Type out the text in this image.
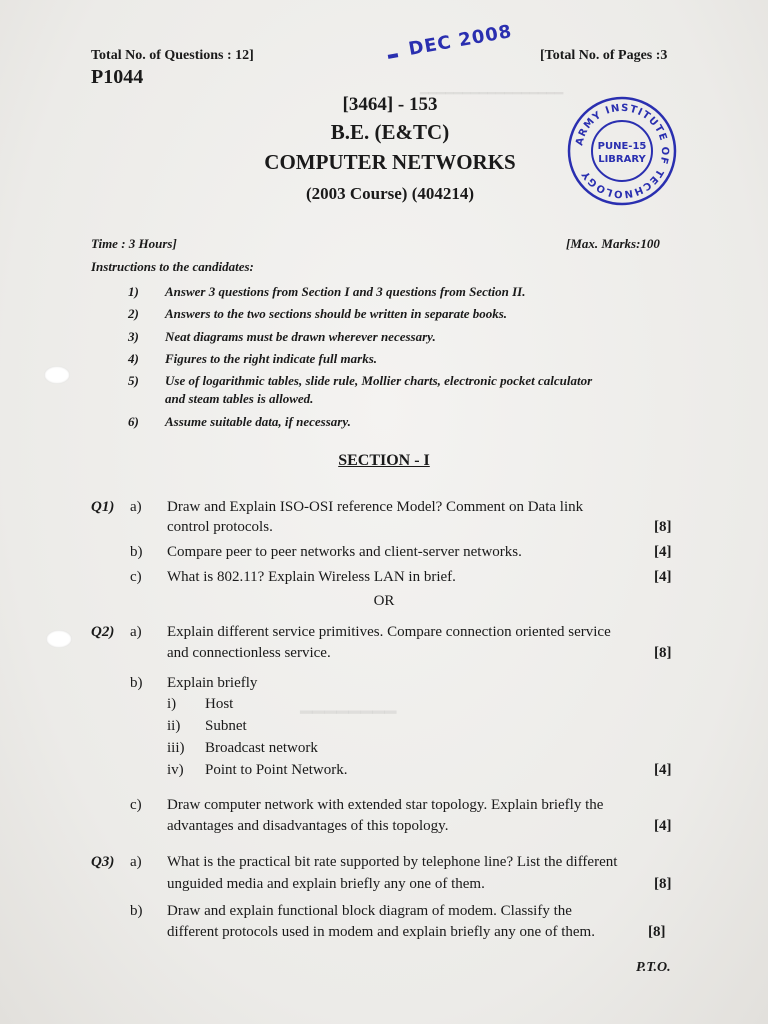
━━━━━━━━━━━━━━━━━
━━━━━━━━
Total No. of Questions : 12]
P1044
[Total No. of Pages :3
DEC 2008
[3464] - 153
B.E. (E&TC)
COMPUTER NETWORKS
(2003 Course) (404214)
ARMY INSTITUTE OF TECHNOLOGY
PUNE-15
LIBRARY
Time : 3 Hours]	[Max. Marks:100
Instructions to the candidates:
1) Answer 3 questions from Section I and 3 questions from Section II.
2) Answers to the two sections should be written in separate books.
3) Neat diagrams must be drawn wherever necessary.
4) Figures to the right indicate full marks.
5) Use of logarithmic tables, slide rule, Mollier charts, electronic pocket calculator
and steam tables is allowed.
6) Assume suitable data, if necessary.
SECTION - I
Q1) a) Draw and Explain ISO-OSI reference Model? Comment on Data link
control protocols.	[8]
b) Compare peer to peer networks and client-server networks.	[4]
c) What is 802.11? Explain Wireless LAN in brief.	[4]
OR
Q2) a) Explain different service primitives. Compare connection oriented service
and connectionless service.	[8]
b) Explain briefly
i) Host
ii) Subnet
iii) Broadcast network
iv) Point to Point Network.	[4]
c) Draw computer network with extended star topology. Explain briefly the
advantages and disadvantages of this topology.	[4]
Q3) a) What is the practical bit rate supported by telephone line? List the different
unguided media and explain briefly any one of them.	[8]
b) Draw and explain functional block diagram of modem. Classify the
different protocols used in modem and explain briefly any one of them.	[8]
P.T.O.
